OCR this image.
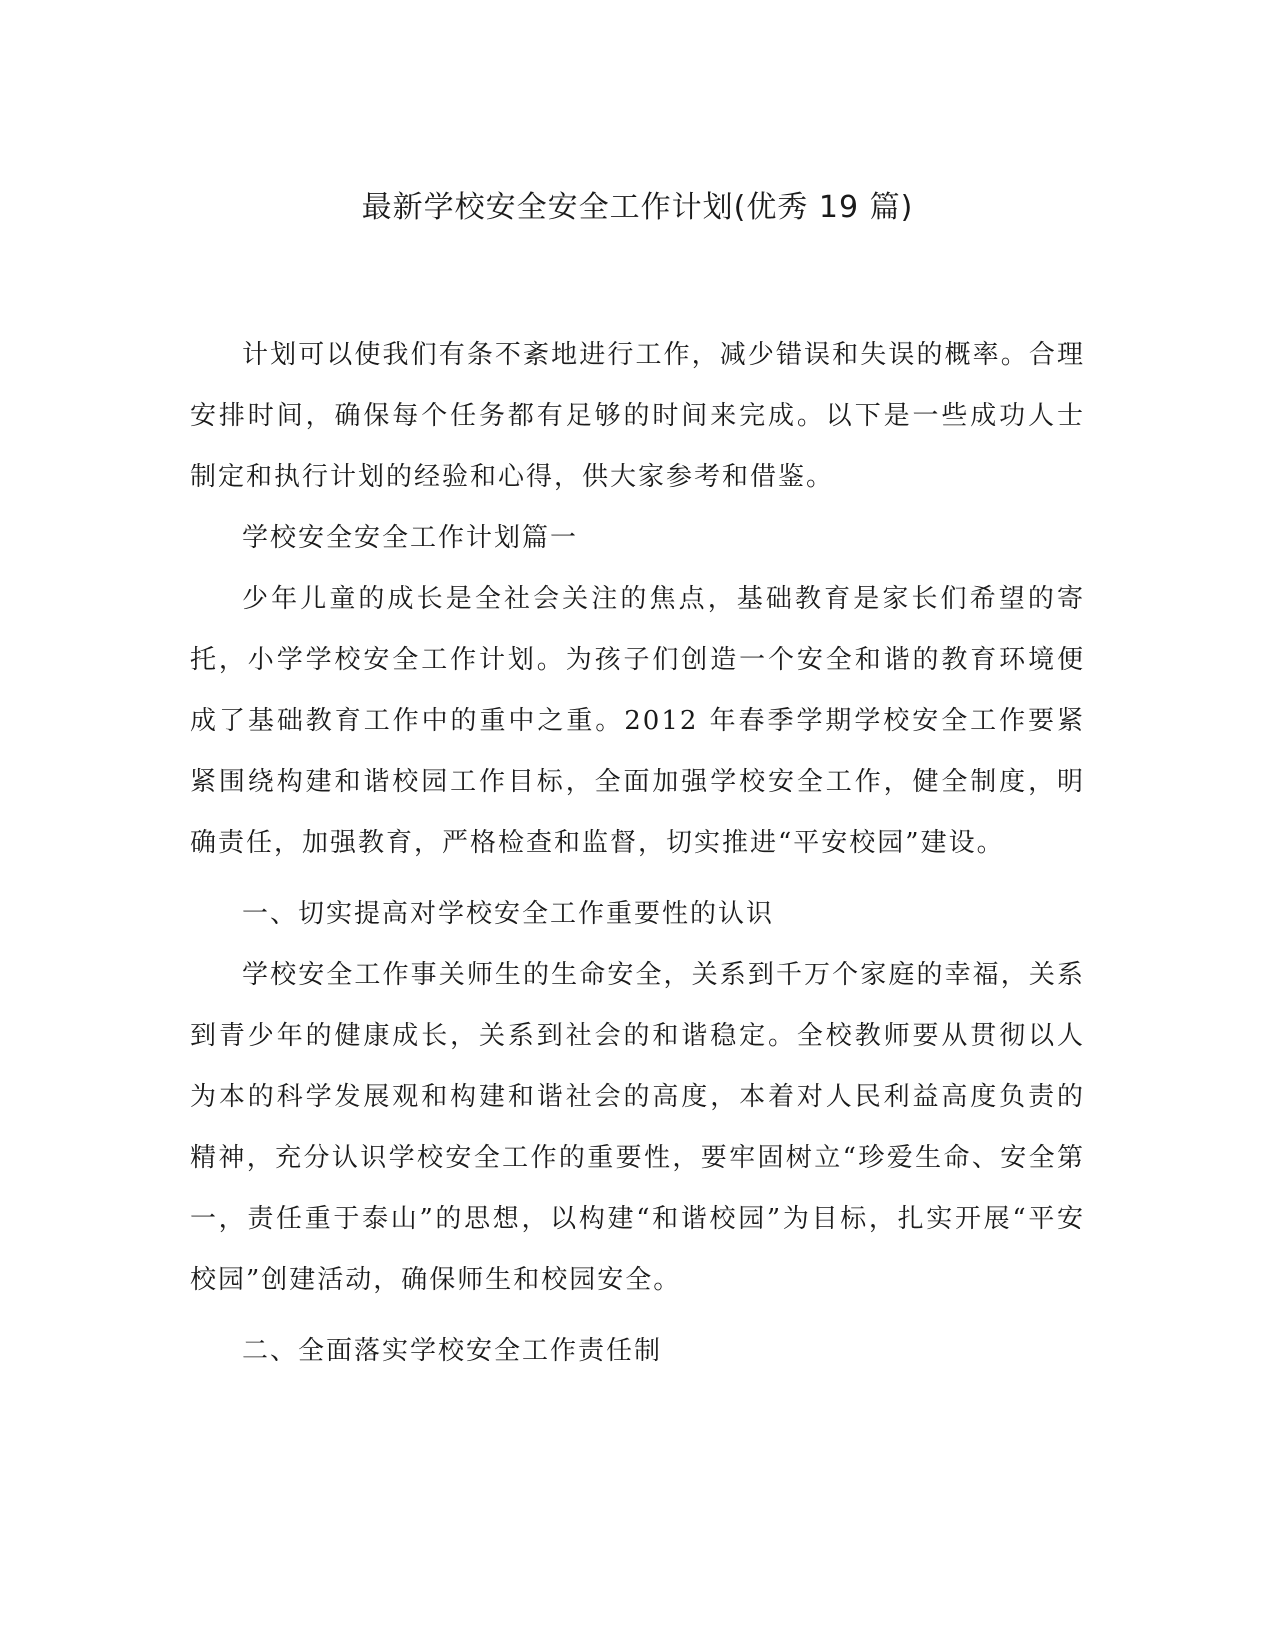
最新学校安全安全工作计划(优秀 19 篇)

计划可以使我们有条不紊地进行工作，减少错误和失误的概率。合理安排时间，确保每个任务都有足够的时间来完成。以下是一些成功人士制定和执行计划的经验和心得，供大家参考和借鉴。

学校安全安全工作计划篇一

少年儿童的成长是全社会关注的焦点，基础教育是家长们希望的寄托，小学学校安全工作计划。为孩子们创造一个安全和谐的教育环境便成了基础教育工作中的重中之重。2012 年春季学期学校安全工作要紧紧围绕构建和谐校园工作目标，全面加强学校安全工作，健全制度，明确责任，加强教育，严格检查和监督，切实推进“平安校园”建设。

一、切实提高对学校安全工作重要性的认识

学校安全工作事关师生的生命安全，关系到千万个家庭的幸福，关系到青少年的健康成长，关系到社会的和谐稳定。全校教师要从贯彻以人为本的科学发展观和构建和谐社会的高度，本着对人民利益高度负责的精神，充分认识学校安全工作的重要性，要牢固树立“珍爱生命、安全第一，责任重于泰山”的思想，以构建“和谐校园”为目标，扎实开展“平安校园”创建活动，确保师生和校园安全。

二、全面落实学校安全工作责任制
